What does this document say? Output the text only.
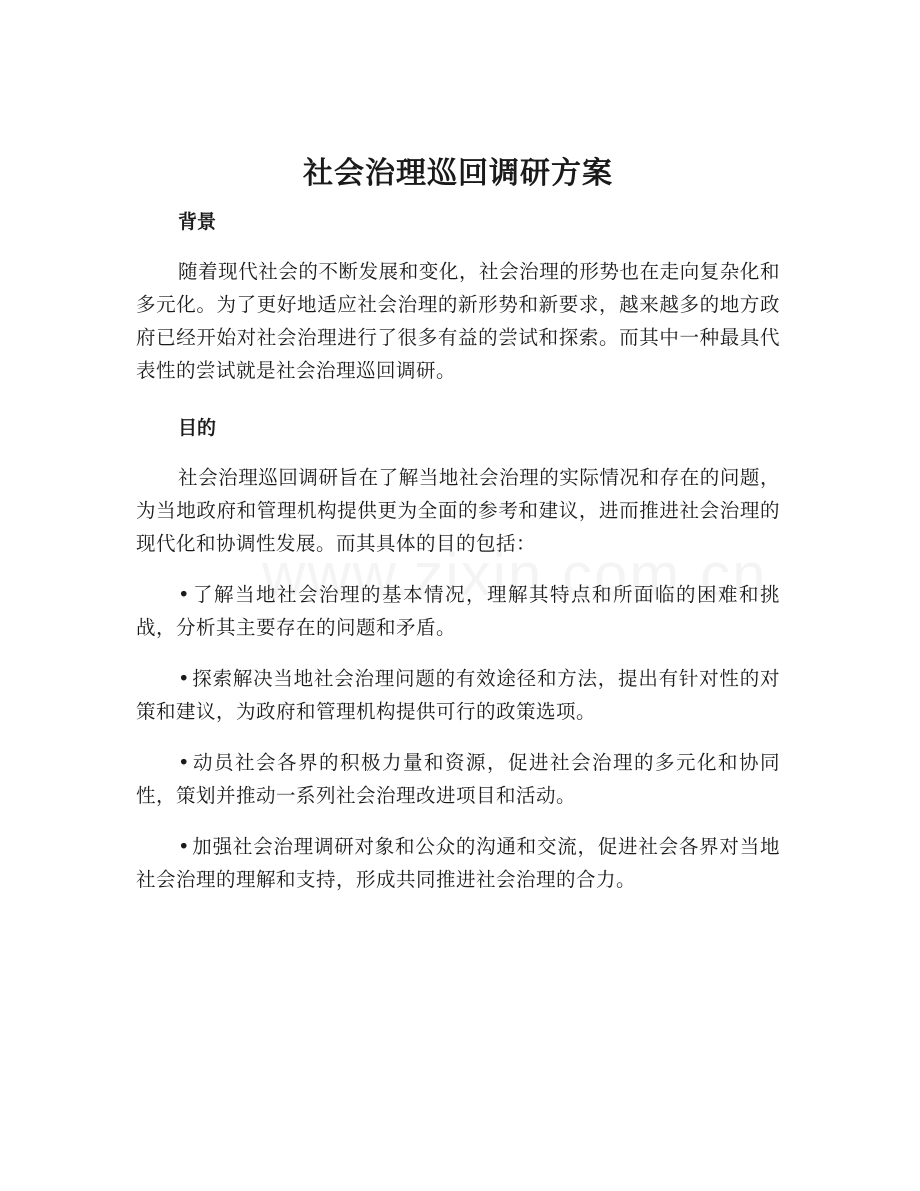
社会治理巡回调研方案
背景

随着现代社会的不断发展和变化，社会治理的形势也在走向复杂化和多元化。为了更好地适应社会治理的新形势和新要求，越来越多的地方政府已经开始对社会治理进行了很多有益的尝试和探索。而其中一种最具代表性的尝试就是社会治理巡回调研。

目的

社会治理巡回调研旨在了解当地社会治理的实际情况和存在的问题，为当地政府和管理机构提供更为全面的参考和建议，进而推进社会治理的现代化和协调性发展。而其具体的目的包括：

• 了解当地社会治理的基本情况，理解其特点和所面临的困难和挑战，分析其主要存在的问题和矛盾。

• 探索解决当地社会治理问题的有效途径和方法，提出有针对性的对策和建议，为政府和管理机构提供可行的政策选项。

• 动员社会各界的积极力量和资源，促进社会治理的多元化和协同性，策划并推动一系列社会治理改进项目和活动。

• 加强社会治理调研对象和公众的沟通和交流，促进社会各界对当地社会治理的理解和支持，形成共同推进社会治理的合力。
